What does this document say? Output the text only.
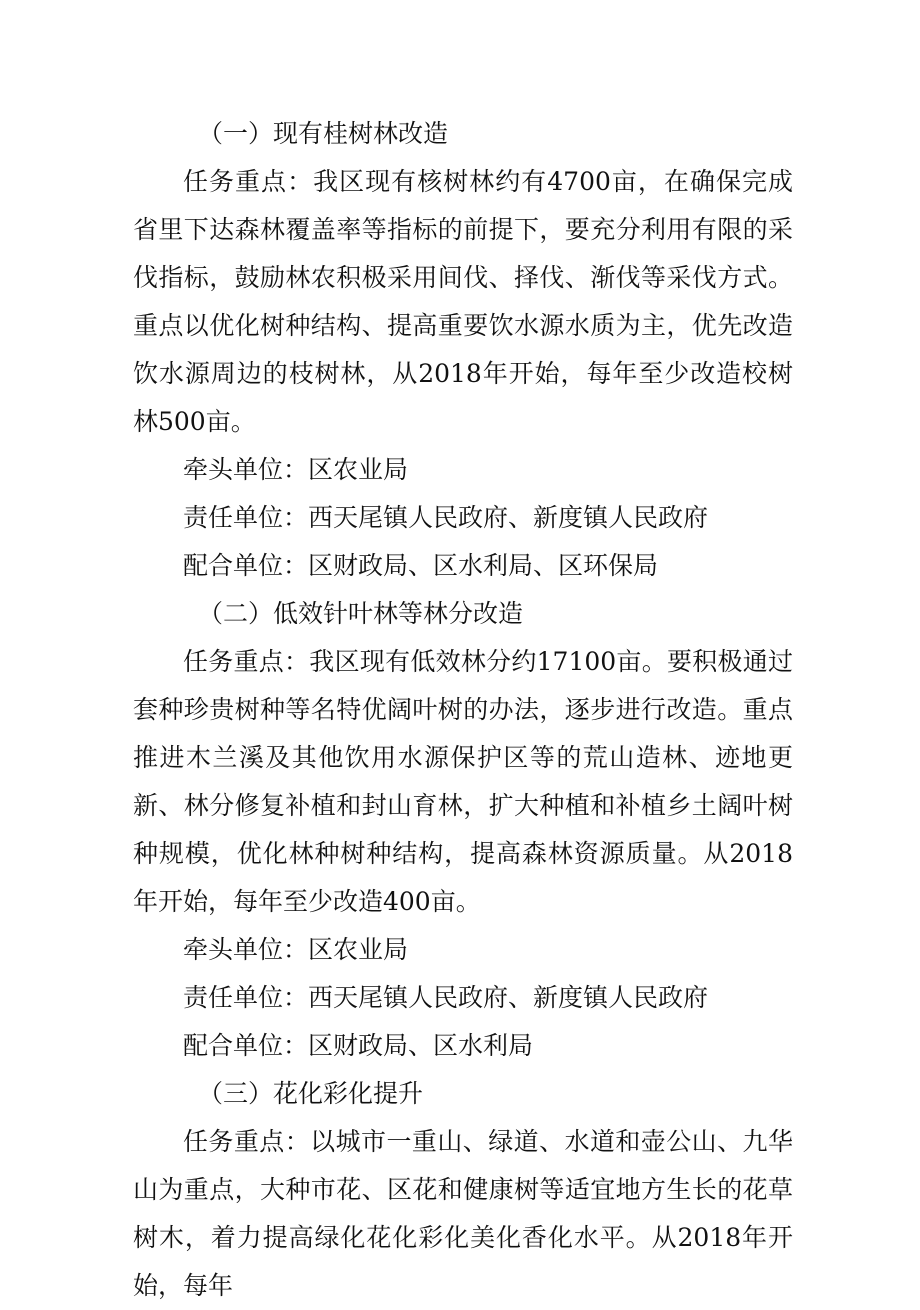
（一）现有桂树林改造

任务重点：我区现有核树林约有4700亩，在确保完成省里下达森林覆盖率等指标的前提下，要充分利用有限的采伐指标，鼓励林农积极采用间伐、择伐、渐伐等采伐方式。重点以优化树种结构、提高重要饮水源水质为主，优先改造饮水源周边的枝树林，从2018年开始，每年至少改造校树林500亩。

牵头单位：区农业局

责任单位：西天尾镇人民政府、新度镇人民政府

配合单位：区财政局、区水利局、区环保局

（二）低效针叶林等林分改造

任务重点：我区现有低效林分约17100亩。要积极通过套种珍贵树种等名特优阔叶树的办法，逐步进行改造。重点推进木兰溪及其他饮用水源保护区等的荒山造林、迹地更新、林分修复补植和封山育林，扩大种植和补植乡土阔叶树种规模，优化林种树种结构，提高森林资源质量。从2018年开始，每年至少改造400亩。

牵头单位：区农业局

责任单位：西天尾镇人民政府、新度镇人民政府

配合单位：区财政局、区水利局

（三）花化彩化提升

任务重点：以城市一重山、绿道、水道和壶公山、九华山为重点，大种市花、区花和健康树等适宜地方生长的花草树木，着力提高绿化花化彩化美化香化水平。从2018年开始，每年
